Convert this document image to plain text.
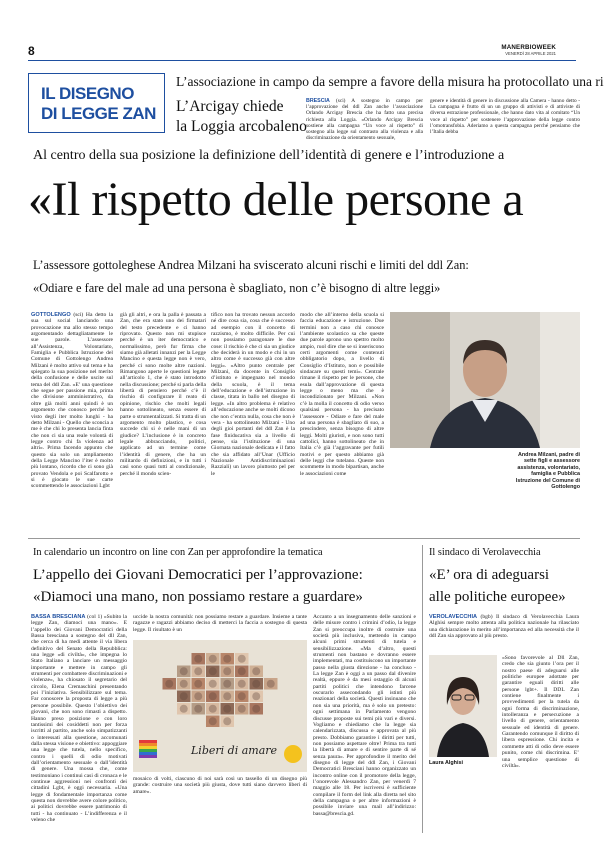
8	MANERBIOWEEK
VENERDÌ 28 APRILE 2021
IL DISEGNO
DI LEGGE ZAN
L’associazione in campo da sempre a favore della misura ha protocollato una ri
L’Arcigay chiede
la Loggia arcobaleno
BRESCIA (sci) A sostegno in campo per l’approvazione del ddl Zan anche l’associazione Orlando Arcigay Brescia che ha fatto una precisa richiesta alla Loggia. «Orlando Arcigay Brescia sostiene alla campagna “Un voce al rispetto” di sostegno alla legge sul contrasto alla violenza e alla discriminazione da orientamento sessuale,
genere e identità di genere in discussione alla Camera - hanno detto - La campagna è frutto di un un gruppo di attivisti e di attiviste di diversa estrazione professionale, che hanno dato vita al comitato “Un voce al rispetto” per sostenere l’approvazione della legge contro l’omotransfobia. Aderiamo a questa campagna perché pensiamo che l’Italia debba
Al centro della sua posizione la definizione dell’identità di genere e l’introduzione a
«Il rispetto delle persone a
L’assessore gottoleghese Andrea Milzani ha sviscerato alcuni rischi e limiti del ddl Zan:
«Odiare e fare del male ad una persona è sbagliato, non c’è bisogno di altre leggi»
GOTTOLENGO (sci) Ha detto la sua sul social lanciando una provocazione ma allo stesso tempo argomentando dettagliatamente le sue parole. L’assessore all’Assistenza, Volontariato, Famiglia e Pubblica Istruzione del Comune di Gottolengo Andrea Milzani è molto attivo sul tema e ha spiegato la sua posizione nel merito della confusione e delle uscite sul tema del ddl Zan. «E’ una questione che segue per passione mia, prima che divisione amministrativo, da oltre già molti anni quindi è un argomento che conosco perché ho visto degli iter molto lunghi - ha detto Milzani - Quello che sconcia a me è che chi lo presenta lancia finta che non ci sia una reale volontà di legge contro chi fa violenza ad altri». Prima facendo appunto che questo sia solo un ampliamento della Legge Mancino l’iter è molto più lontano, ricordo che ci sono già provato Vendola e poi Scalfarotto e si è giocato le sue carte scommettendo le associazioni Lgbt
già gli altri, e ora la palla è passata a Zan, che era stato uno dei firmatari del testo precedente e ci hanno riprovato. Questo non mi stupisce perché è un iter democratico e normalissimo, però fur firma che siamo già alletati innanzi per la Legge Mancino e questa legge non è vero, perché ci sono molte altre nazioni. Rimangono aperte le questioni legate all’articolo 1, che è stato introdotto nella discussione; perché si parla della libertà di pensiero perché c’è il rischio di configurare il reato di opinione, rischio che molti legali hanno sottolineato, senza essere di parte o strumentalizzati. Si tratta di un argomento molto plastico, e cosa succede chi si è nelle mani di un giudice? L’inclusione è in concreto legale abbracciando, politici, applicato ad un termine come l’identità di genere, che ha un militardo di definizioni, e in tutti i casi sono quasi tutti al condizionale, perché il mondo scien-
tifico non ha trovato nessun accordo né dire cosa sia, cosa che è successo ad esempio con il concetto di razzismo, è molto difficile. Per cui non possiamo paragonare le due cose: il rischio è che ci sia un giudice che deciderà in un modo e chi in un altro come è successo già con altre leggi». «Altro punto centrale per Milzani, da docente in Consiglio d’istituto e impegnato nel mondo della scuola, è il tema dell’educazione e dell’istruzione in classe, titata in ballo nel disegno di legge. «In altro problema è relativo all’educazione anche se molti dicono che non c’entra nulla, cosa che non è vera - ha sottolineato Milzani - Uno degli gioi portanti del ddl Zan è la fase finiducativa sia a livello di pense, sia l’istituzione di una Giornata nazionale dedicata e il fatto che sia affidato all’Unar (Ufficio Nazionale Antidiscriminazioni Razziali) un lavoro piuttosto pel per le
modo che all’interno della scuola si faccia educazione e istruzione. Due termini non a caso chi conosce l’ambiente scolastico sa che queste due parole aprono uno spettro molto ampio, ruol dire che se si inseriscono certi argomenti come contenuti obbligatorio dopo, a livello di Consiglio d’Istituto, non e possibile sindacare su questi temi». Centrale rimane il rispetto per le persone, che esula dall’approvazione di questa legge o meno ma che è incondizionato per Milzani. «Non c’è la molla il concetto di odio verso qualsiasi persona - ha precisato l’assessore - Odiare e fare del male ad una persona è sbagliato di suo, a prescindere, senza bisogno di altre leggi. Molti giuristi, e non sono tutti cattolici, hanno sottolineato che in Italia c’è già l’aggravante per futili motivi e per questo abbiamo già delle leggi che tutelano. Queste non scommette in modo bipartisan, anche le associazioni come
Andrea Milzani, padre di sette figli e assessore assistenza, volontariato, famiglia e Pubblica Istruzione del Comune di Gottolengo
In calendario un incontro on line con Zan per approfondire la tematica
L’appello dei Giovani Democratici per l’approvazione:
«Diamoci una mano, non possiamo restare a guardare»
BASSA BRESCIANA (col 1) «Subito la legge Zan, diamoci una mano». E l’appello dei Giovani Democratici della Bassa bresciana a sostegno del dll Zan, che cerca di ha medi attente il via libera definitivo del Senato della Repubblica: una legge «di civiltà», che impegna lo Stato Italiano a lanciare un messaggio importante e mettere in campo gli strumenti per combattere discriminazioni e violenze», ha chiosato il segretario del circolo, Elena Cremaschini presentando poi l’iniziativa. Sensibilizzare sul tema. Far conoscere la proposta di legge a più persone possibile. Questo l’obiettivo dei giovani, che non sono rimasti a dispetto. Hanno preso posizione e con loro tantissimi dei cosiddetti non per forza iscritti al partito, anche solo simpatizzanti o interessati alla questione, accomunati dalla stessa visione e obiettivo: appoggiare una legge che tutela, nello specifico, contro i quelli di odio motivati dall’orientamento sessuale o dall’identità di genere. Una mossa che, come testimoniano i continui casi di cronaca e le continue aggressioni nei confronti dei cittadini Lgbt, è oggi necessaria. «Una legge di fondamentale importanza come questa non dovrebbe avere colore politico, ai politici dovrebbe essere patrimonio di tutti - ha continuato - L’indifferenza e il veleno che
uccide la nostra comunità: non possiamo restare a guardare. Insieme a tante ragazze e ragazzi abbiamo deciso di metterci la faccia a sostegno di questa legge. Il risultato è un
Liberi di amare
mosaico di volti, ciascuno di noi sarà così un tassello di un disegno più grande: costruire una società più giusta, dove tutti siano davvero liberi di amare».
Accanto a un insegnamento delle sanzioni e delle misure contro i crimini d’odio, la legge Zan si preoccupa inoltre di costruire una società più inclusiva, mettendo in campo alcuni primi strumenti di tutela e sensibilizzazione. «Ma d’altro, questi strumenti non bastano e dovranno essere implementati, ma costituiscono un importante passo nella giusta direzione - ha concluso - La legge Zan è oggi a un passo dal divenire realtà, eppure è da mesi ostaggio di alcuni partiti politici che intendono farcene oscurarlo assecondando gli istinti più reazionari della società. Questi insinuano che non sia una priorità, ma è solo un pretesto: ogni settimana in Parlamento vengono discusse proposte sui temi più vari e diversi. Vogliamo e chiediamo che la legge sia calendarizzata, discussa e approvata al più presto. Dobbiamo garantire i diritti per tutti, non possiamo aspettare oltre! Prima tra tutti la libertà di amare e di sentire parte di sé senza paura». Per approfondire il merito del disegno di legge del ddl Zan, i Giovani Democratici Bresciani hanno organizzato un incontro online con il promotore della legge, l’onorevole Alessandro Zan, per venerdì 7 maggio alle 18. Per iscriversi è sufficiente compilare il form del link alla diretta nel sito della campagna o per altre informazioni è possibile inviare una mail all’indirizzo: bassa@brescia.gd.
Il sindaco di Verolavecchia
«E’ ora di adeguarsi
alle politiche europee»
VEROLAVECCHIA (bgb) Il sindaco di Verolavecchia Laura Alghisi sempre molto attenta alla politica nazionale ha rilasciato una dichiarazione in merito all’importanza ed alla necessità che il ddl Zan sia approvato al più presto.
Laura Alghisi
«Sono favorevole al Dll Zan, credo che sia giunto l’ora per il nostro paese di adeguarsi alle politiche europee adottate per garantire eguali diritti alle persone lgbt+. Il DDL Zan contiene finalmente i provvedimenti per la tutela da ogni forma di discriminazione, intolleranza e persecuzione a livello di genere, orientamento sessuale ed identità di genere. Garantendo comunque il diritto di libera espressione. Chi incita e commette atti di odio deve essere punito, come chi discrimina. E’ una semplice questione di civiltà».
